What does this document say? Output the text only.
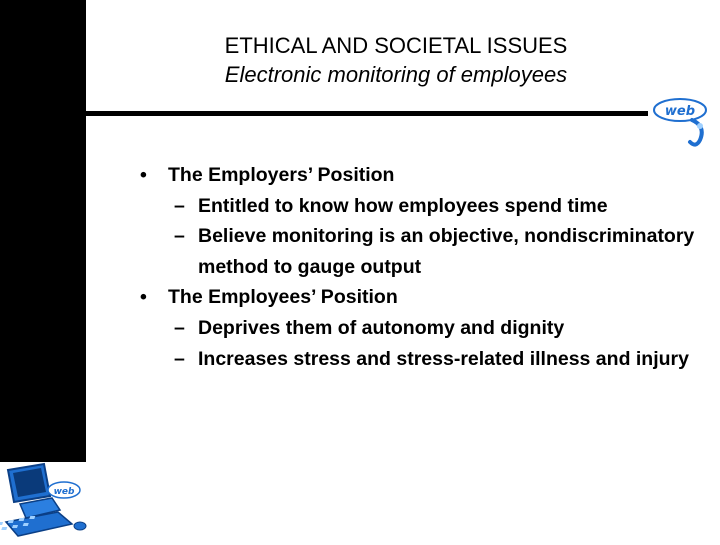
ETHICAL AND SOCIETAL ISSUES
Electronic monitoring of employees
web
web
• The Employers’ Position
– Entitled to know how employees spend time
– Believe monitoring is an objective, nondiscriminatory method to gauge output
• The Employees’ Position
– Deprives them of autonomy and dignity
– Increases stress and stress-related illness and injury
